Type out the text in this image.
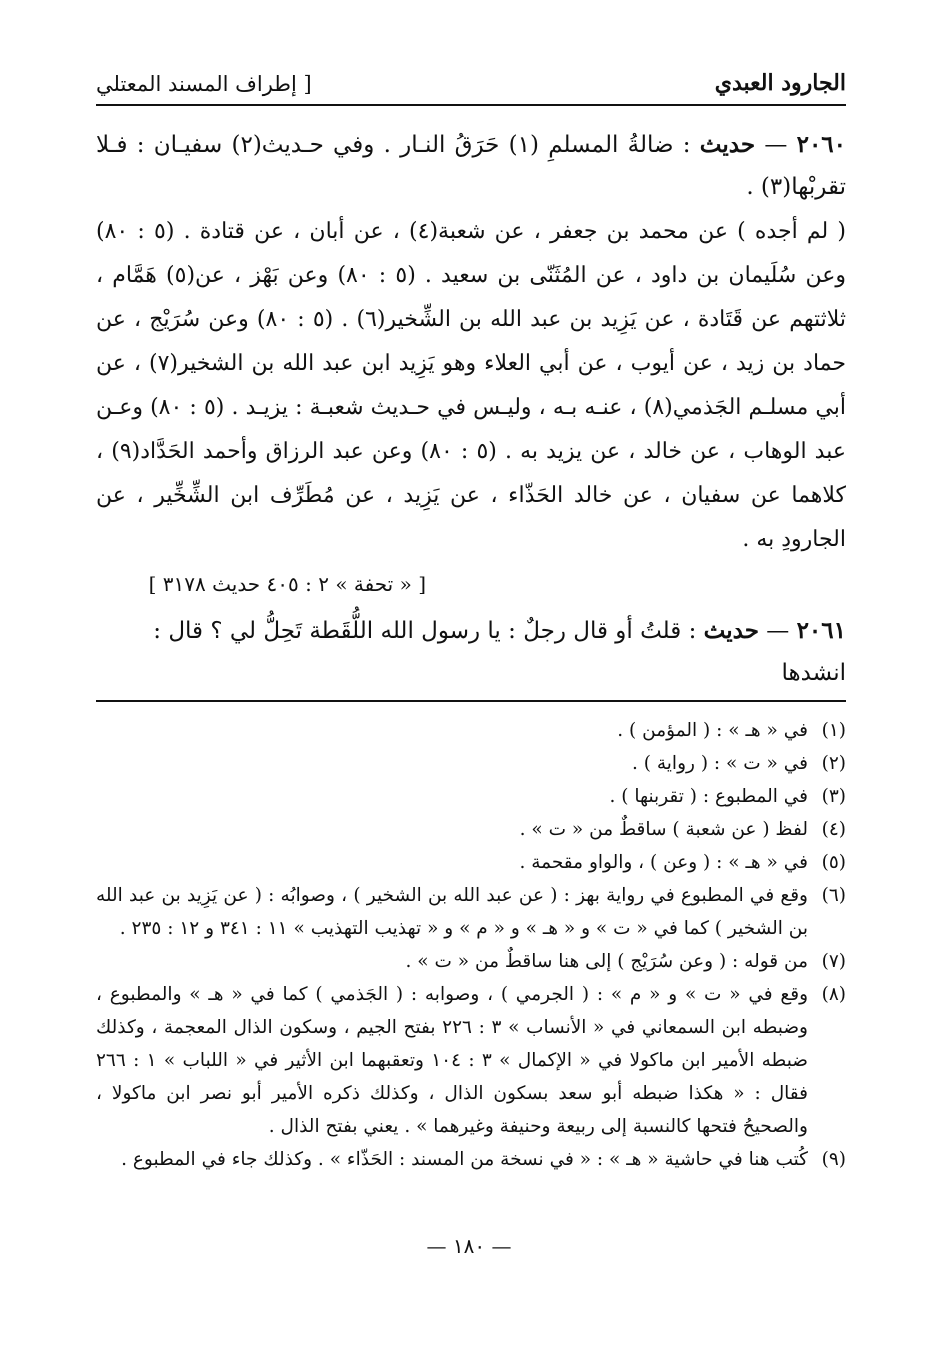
الجارود العبدي
[ إطراف المسند المعتلي
٢٠٦٠ — حديث : ضالةُ المسلمِ (١) حَرَقُ النـار . وفي حـديث(٢) سفيـان : فـلا تقربْها(٣) .
( لم أجده ) عن محمد بن جعفر ، عن شعبة(٤) ، عن أبان ، عن قتادة . (٥ : ٨٠) وعن سُلَيمان بن داود ، عن المُثَنّى بن سعيد . (٥ : ٨٠) وعن بَهْز ، عن(٥) هَمَّام ، ثلاثتهم عن قَتَادة ، عن يَزِيد بن عبد الله بن الشِّخير(٦) . (٥ : ٨٠) وعن سُرَيْج ، عن حماد بن زيد ، عن أيوب ، عن أبي العلاء وهو يَزِيد ابن عبد الله بن الشخير(٧) ، عن أبي مسلـم الجَذمي(٨) ، عنـه بـه ، وليـس في حـديث شعبـة : يزيـد . (٥ : ٨٠) وعـن عبد الوهاب ، عن خالد ، عن يزيد به . (٥ : ٨٠) وعن عبد الرزاق وأحمد الحَدَّاد(٩) ، كلاهما عن سفيان ، عن خالد الحَذّاء ، عن يَزِيد ، عن مُطَرِّف ابن الشِّخِّير ، عن الجارودِ به .
[ « تحفة » ٢ : ٤٠٥ حديث ٣١٧٨ ]
٢٠٦١ — حديث : قلتُ أو قال رجلٌ : يا رسول الله اللُّقَطة تَحِلُّ لي ؟ قال : انشدها
(١)
في « هـ » : ( المؤمن ) .
(٢)
في « ت » : ( رواية ) .
(٣)
في المطبوع : ( تقربنها ) .
(٤)
لفظ ( عن شعبة ) ساقطٌ من « ت » .
(٥)
في « هـ » : ( وعن ) ، والواو مقحمة .
(٦)
وقع في المطبوع في رواية بهز : ( عن عبد الله بن الشخير ) ، وصوابُه : ( عن يَزِيد بن عبد الله بن الشخير ) كما في « ت » و « هـ » و « م » و « تهذيب التهذيب » ١١ : ٣٤١ و ١٢ : ٢٣٥ .
(٧)
من قوله : ( وعن سُرَيْج ) إلى هنا ساقطٌ من « ت » .
(٨)
وقع في « ت » و « م » : ( الجرمي ) ، وصوابه : ( الجَذمي ) كما في « هـ » والمطبوع ، وضبطه ابن السمعاني في « الأنساب » ٣ : ٢٢٦ بفتح الجيم ، وسكون الذال المعجمة ، وكذلك ضبطه الأمير ابن ماكولا في « الإكمال » ٣ : ١٠٤ وتعقبهما ابن الأثير في « اللباب » ١ : ٢٦٦ فقال : « هكذا ضبطه أبو سعد بسكون الذال ، وكذلك ذكره الأمير أبو نصر ابن ماكولا ، والصحيحُ فتحها كالنسبة إلى ربيعة وحنيفة وغيرهما » . يعني بفتح الذال .
(٩)
كُتب هنا في حاشية « هـ » : « في نسخة من المسند : الحَذّاء » . وكذلك جاء في المطبوع .
— ١٨٠ —
